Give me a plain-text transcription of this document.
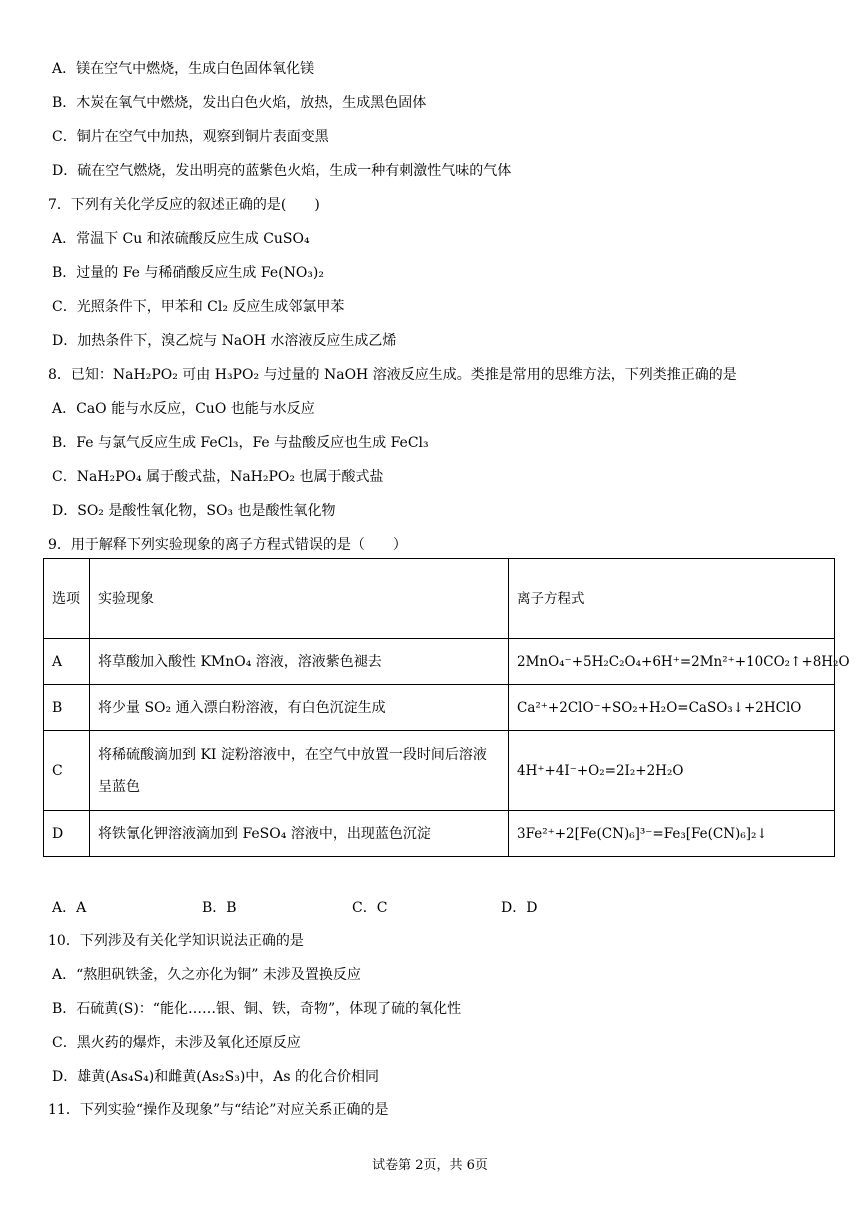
A．镁在空气中燃烧，生成白色固体氧化镁
B．木炭在氧气中燃烧，发出白色火焰，放热，生成黑色固体
C．铜片在空气中加热，观察到铜片表面变黑
D．硫在空气燃烧，发出明亮的蓝紫色火焰，生成一种有刺激性气味的气体
7．下列有关化学反应的叙述正确的是(　　)
A．常温下 Cu 和浓硫酸反应生成 CuSO₄
B．过量的 Fe 与稀硝酸反应生成 Fe(NO₃)₂
C．光照条件下，甲苯和 Cl₂ 反应生成邻氯甲苯
D．加热条件下，溴乙烷与 NaOH 水溶液反应生成乙烯
8．已知：NaH₂PO₂ 可由 H₃PO₂ 与过量的 NaOH 溶液反应生成。类推是常用的思维方法，下列类推正确的是
A．CaO 能与水反应，CuO 也能与水反应
B．Fe 与氯气反应生成 FeCl₃，Fe 与盐酸反应也生成 FeCl₃
C．NaH₂PO₄ 属于酸式盐，NaH₂PO₂ 也属于酸式盐
D．SO₂ 是酸性氧化物，SO₃ 也是酸性氧化物
9．用于解释下列实验现象的离子方程式错误的是（　　）
选项	实验现象	离子方程式
A	将草酸加入酸性 KMnO₄ 溶液，溶液紫色褪去	2MnO₄⁻+5H₂C₂O₄+6H⁺=2Mn²⁺+10CO₂↑+8H₂O
B	将少量 SO₂ 通入漂白粉溶液，有白色沉淀生成	Ca²⁺+2ClO⁻+SO₂+H₂O=CaSO₃↓+2HClO
C	将稀硫酸滴加到 KI 淀粉溶液中，在空气中放置一段时间后溶液呈蓝色	4H⁺+4I⁻+O₂=2I₂+2H₂O
D	将铁氰化钾溶液滴加到 FeSO₄ 溶液中，出现蓝色沉淀	3Fe²⁺+2[Fe(CN)₆]³⁻=Fe₃[Fe(CN)₆]₂↓
A．A	B．B	C．C	D．D
10．下列涉及有关化学知识说法正确的是
A．“熬胆矾铁釜，久之亦化为铜” 未涉及置换反应
B．石硫黄(S)：“能化……银、铜、铁，奇物”，体现了硫的氧化性
C．黑火药的爆炸，未涉及氧化还原反应
D．雄黄(As₄S₄)和雌黄(As₂S₃)中，As 的化合价相同
11．下列实验“操作及现象”与“结论”对应关系正确的是
试卷第 2页，共 6页
